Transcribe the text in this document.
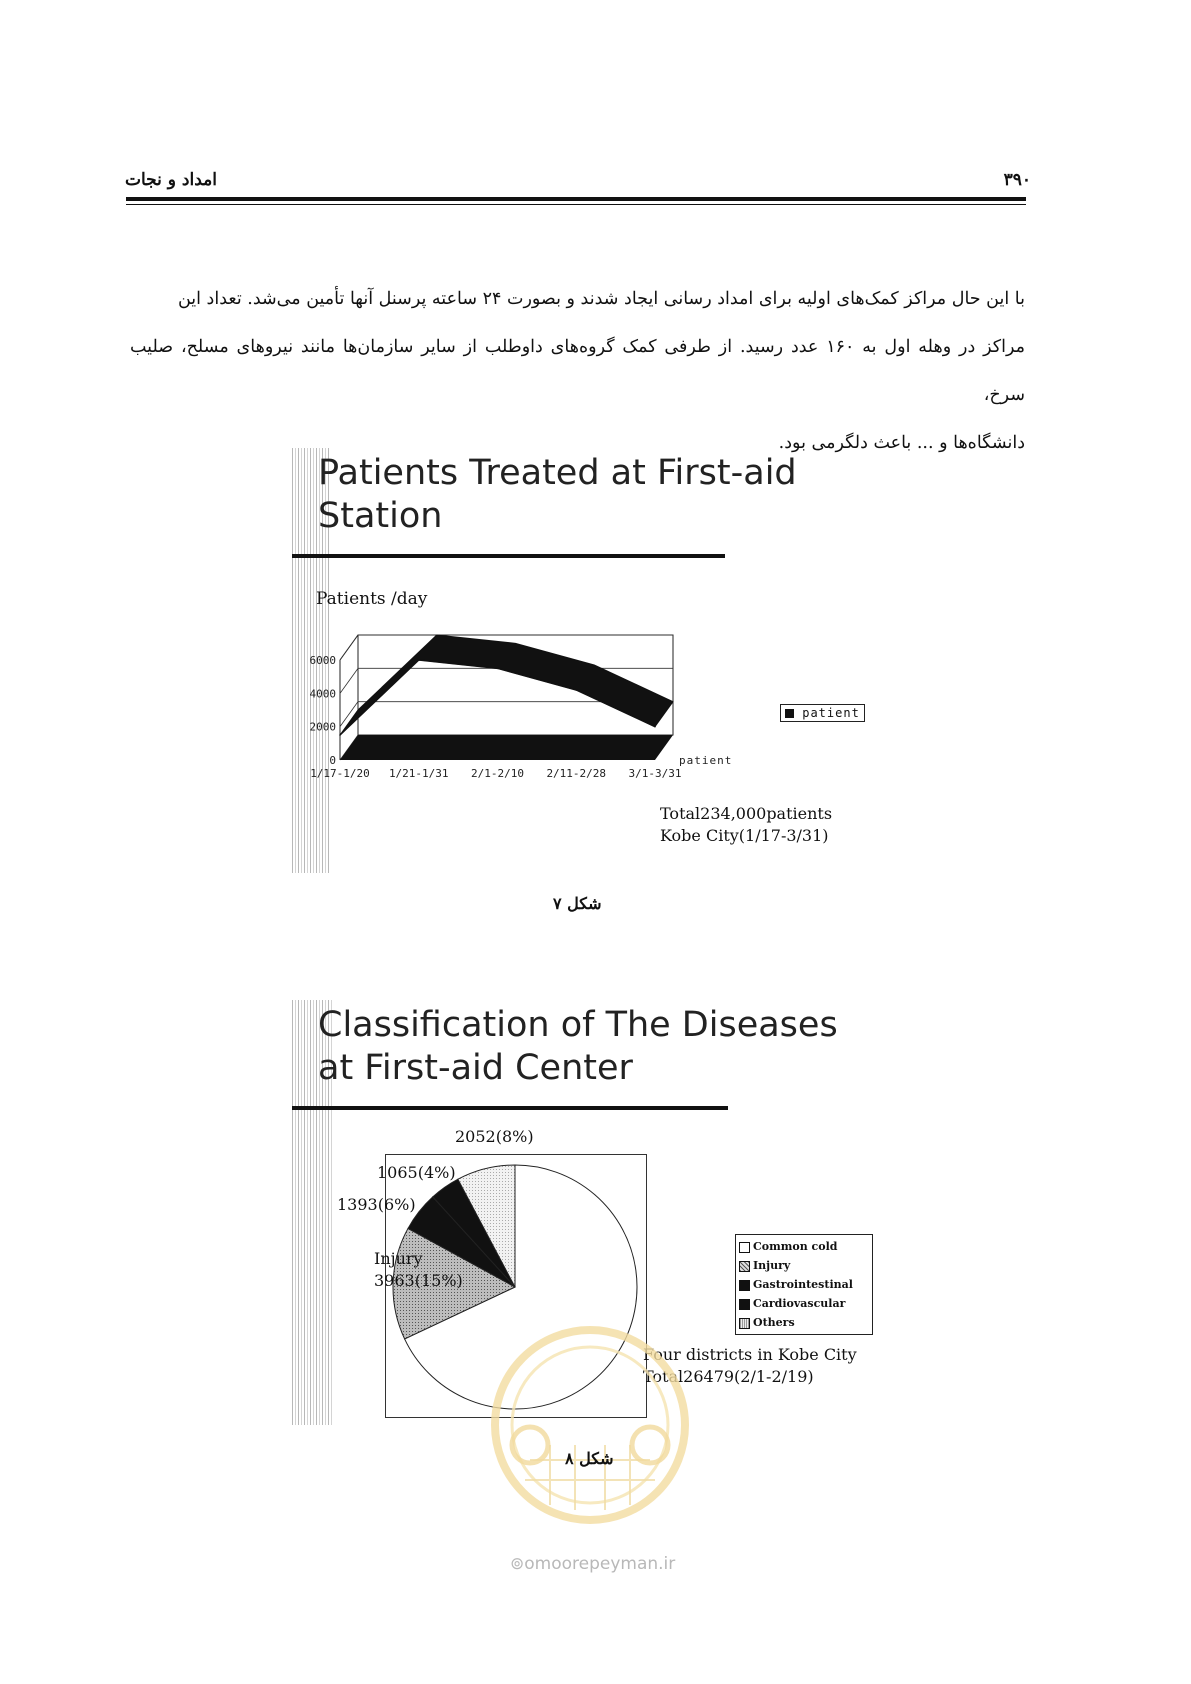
امداد و نجات	۳۹۰

با این حال مراکز کمک‌های اولیه برای امداد رسانی ایجاد شدند و بصورت ۲۴ ساعته پرسنل آنها تأمین می‌شد. تعداد این

مراکز در وهله اول به ۱۶۰ عدد رسید. از طرفی کمک گروه‌های داوطلب از سایر سازمان‌ها مانند نیروهای مسلح، صلیب سرخ،

دانشگاه‌ها و ... باعث دلگرمی بود.

Patients Treated at First-aid
Station
Patients /day
0
2000
4000
6000
1/17-1/20 1/21-1/31 2/1-2/10 2/11-2/28 3/1-3/31
patient
patient
Total234,000patients
Kobe City(1/17-3/31)
شکل ۷
Classification of The Diseases
at First-aid Center
2052(8%)
1065(4%)
1393(6%)
Injury
3963(15%)
Common cold
Injury
Gastrointestinal
Cardiovascular
Others
Four districts in Kobe City
Total26479(2/1-2/19)
شکل ۸
⊚omoorepeyman.ir
